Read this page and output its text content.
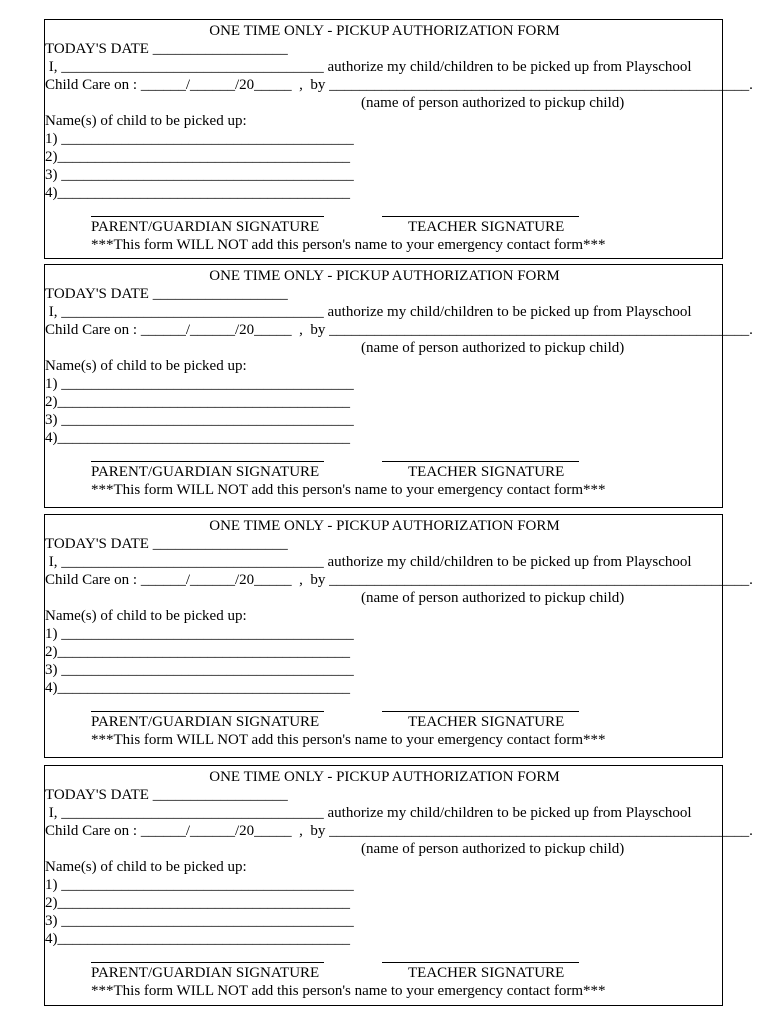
ONE TIME ONLY - PICKUP AUTHORIZATION FORM
TODAY'S DATE __________________
I, ___________________________________ authorize my child/children to be picked up from Playschool
Child Care on : ______/______/20_____  ,  by ________________________________________________________.
(name of person authorized to pickup child)
Name(s) of child to be picked up:
1) _______________________________________
2)_______________________________________
3) _______________________________________
4)_______________________________________
PARENT/GUARDIAN SIGNATURE	TEACHER SIGNATURE
***This form WILL NOT add this person's name to your emergency contact form***
ONE TIME ONLY - PICKUP AUTHORIZATION FORM
TODAY'S DATE __________________
I, ___________________________________ authorize my child/children to be picked up from Playschool
Child Care on : ______/______/20_____  ,  by ________________________________________________________.
(name of person authorized to pickup child)
Name(s) of child to be picked up:
1) _______________________________________
2)_______________________________________
3) _______________________________________
4)_______________________________________
PARENT/GUARDIAN SIGNATURE	TEACHER SIGNATURE
***This form WILL NOT add this person's name to your emergency contact form***
ONE TIME ONLY - PICKUP AUTHORIZATION FORM
TODAY'S DATE __________________
I, ___________________________________ authorize my child/children to be picked up from Playschool
Child Care on : ______/______/20_____  ,  by ________________________________________________________.
(name of person authorized to pickup child)
Name(s) of child to be picked up:
1) _______________________________________
2)_______________________________________
3) _______________________________________
4)_______________________________________
PARENT/GUARDIAN SIGNATURE	TEACHER SIGNATURE
***This form WILL NOT add this person's name to your emergency contact form***
ONE TIME ONLY - PICKUP AUTHORIZATION FORM
TODAY'S DATE __________________
I, ___________________________________ authorize my child/children to be picked up from Playschool
Child Care on : ______/______/20_____  ,  by ________________________________________________________.
(name of person authorized to pickup child)
Name(s) of child to be picked up:
1) _______________________________________
2)_______________________________________
3) _______________________________________
4)_______________________________________
PARENT/GUARDIAN SIGNATURE	TEACHER SIGNATURE
***This form WILL NOT add this person's name to your emergency contact form***
